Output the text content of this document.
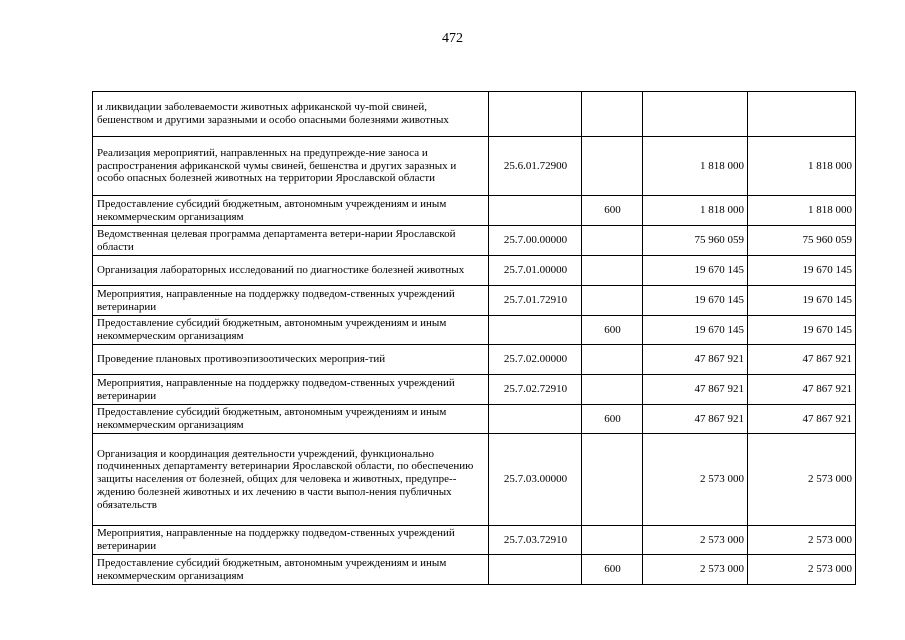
472
и ликвидации заболеваемости животных африканской чу-mой свиней, бешенством и другими заразными и особо опасными болезнями животных				
Реализация мероприятий, направленных на предупрежде-ние заноса и распространения африканской чумы свиней, бешенства и других заразных и особо опасных болезней животных на территории Ярославской области	25.6.01.72900		1 818 000	1 818 000
Предоставление субсидий бюджетным, автономным учреждениям и иным некоммерческим организациям		600	1 818 000	1 818 000
Ведомственная целевая программа департамента ветери-нарии Ярославской области	25.7.00.00000		75 960 059	75 960 059
Организация лабораторных исследований по диагностике болезней животных	25.7.01.00000		19 670 145	19 670 145
Мероприятия, направленные на поддержку подведом-ственных учреждений ветеринарии	25.7.01.72910		19 670 145	19 670 145
Предоставление субсидий бюджетным, автономным учреждениям и иным некоммерческим организациям		600	19 670 145	19 670 145
Проведение плановых противоэпизоотических мероприя-тий	25.7.02.00000		47 867 921	47 867 921
Мероприятия, направленные на поддержку подведом-ственных учреждений ветеринарии	25.7.02.72910		47 867 921	47 867 921
Предоставление субсидий бюджетным, автономным учреждениям и иным некоммерческим организациям		600	47 867 921	47 867 921
Организация и координация деятельности учреждений, функционально подчиненных департаменту ветеринарии Ярославской области, по обеспечению защиты населения от болезней, общих для человека и животных, предупре-ждению болезней животных и их лечению в части выпол-нения публичных обязательств	25.7.03.00000		2 573 000	2 573 000
Мероприятия, направленные на поддержку подведом-ственных учреждений ветеринарии	25.7.03.72910		2 573 000	2 573 000
Предоставление субсидий бюджетным, автономным учреждениям и иным некоммерческим организациям		600	2 573 000	2 573 000
